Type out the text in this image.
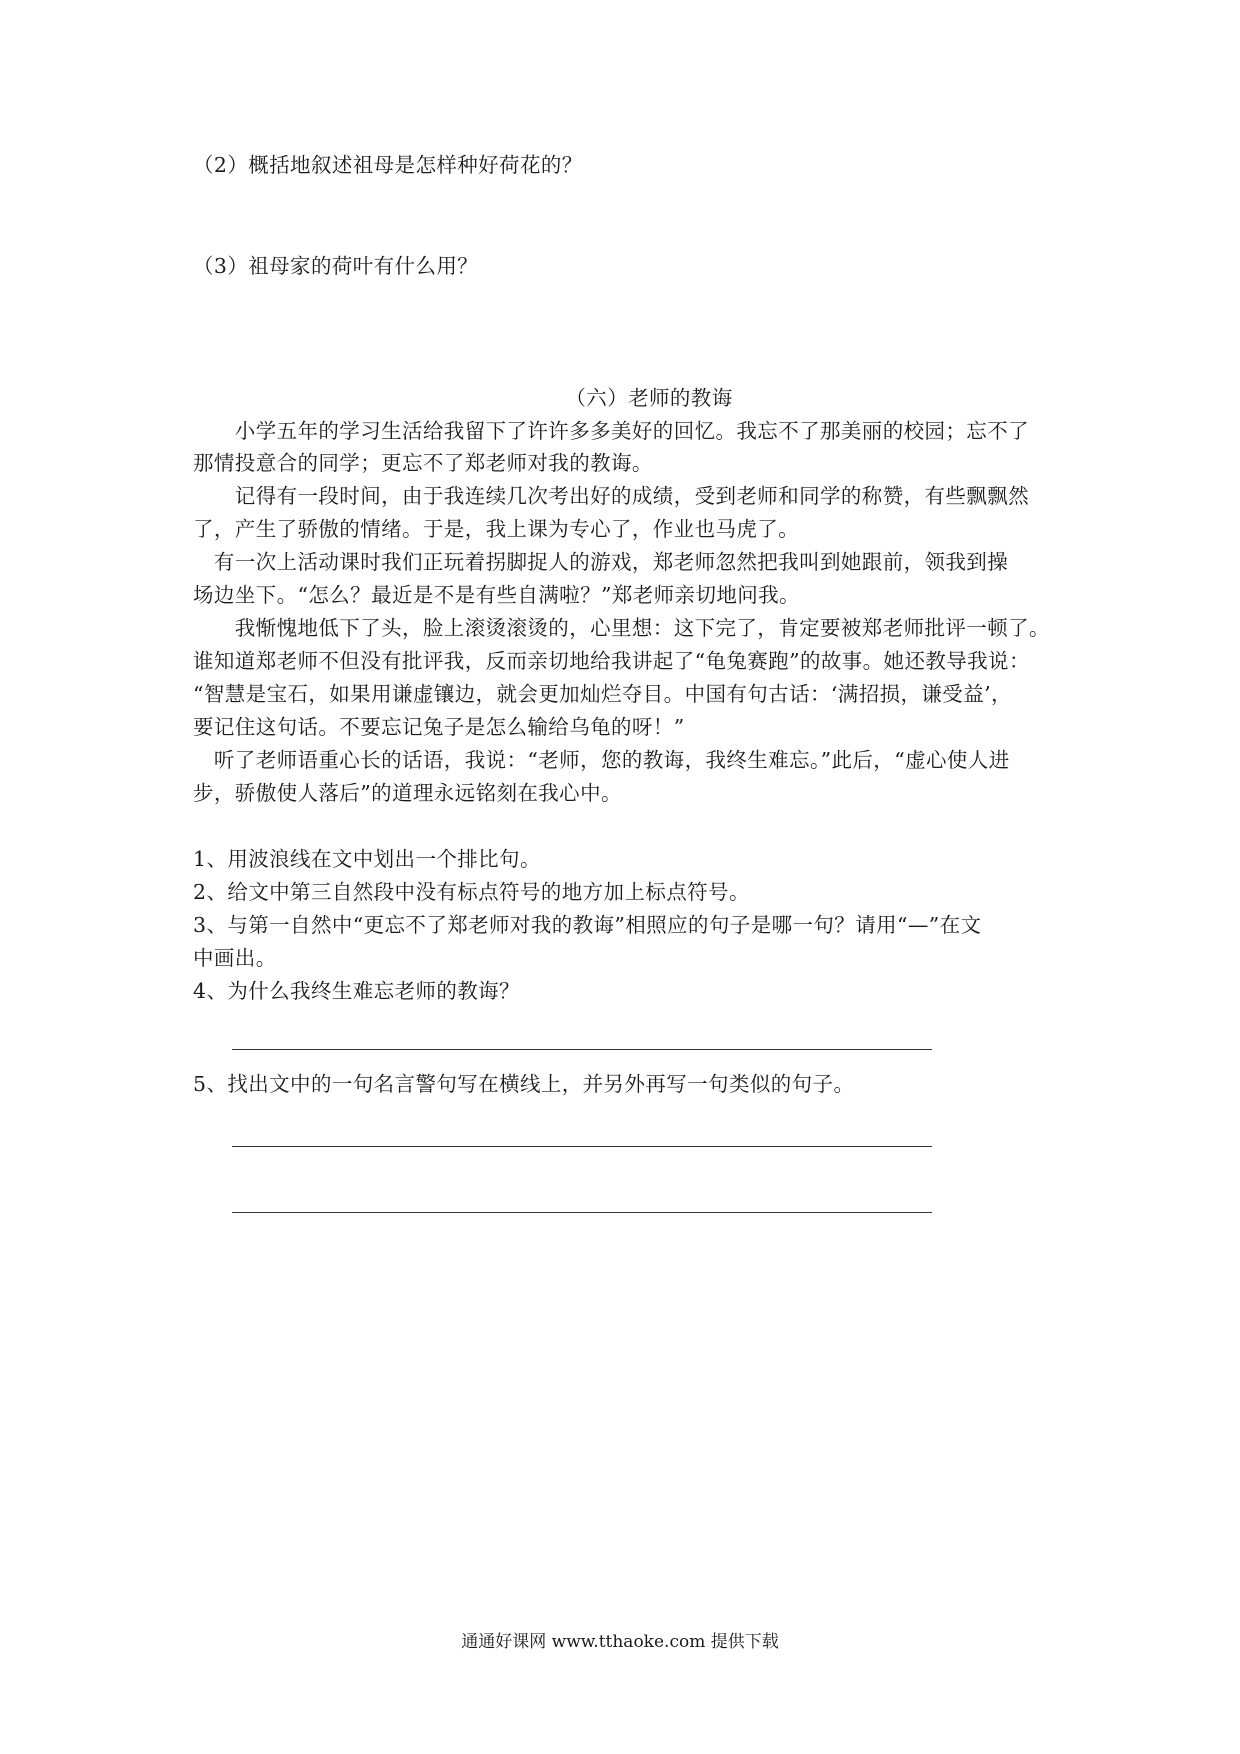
（2）概括地叙述祖母是怎样种好荷花的？
（3）祖母家的荷叶有什么用？
（六）老师的教诲
　　小学五年的学习生活给我留下了许许多多美好的回忆。我忘不了那美丽的校园；忘不了
那情投意合的同学；更忘不了郑老师对我的教诲。
　　记得有一段时间，由于我连续几次考出好的成绩，受到老师和同学的称赞，有些飘飘然
了，产生了骄傲的情绪。于是，我上课为专心了，作业也马虎了。
　有一次上活动课时我们正玩着拐脚捉人的游戏，郑老师忽然把我叫到她跟前，领我到操
场边坐下。“怎么？最近是不是有些自满啦？”郑老师亲切地问我。
　　我惭愧地低下了头，脸上滚烫滚烫的，心里想：这下完了，肯定要被郑老师批评一顿了。
谁知道郑老师不但没有批评我，反而亲切地给我讲起了“龟兔赛跑”的故事。她还教导我说：
“智慧是宝石，如果用谦虚镶边，就会更加灿烂夺目。中国有句古话：‘满招损，谦受益’，
要记住这句话。不要忘记兔子是怎么输给乌龟的呀！”
　听了老师语重心长的话语，我说：“老师，您的教诲，我终生难忘。”此后，“虚心使人进
步，骄傲使人落后”的道理永远铭刻在我心中。
1、用波浪线在文中划出一个排比句。
2、给文中第三自然段中没有标点符号的地方加上标点符号。
3、与第一自然中“更忘不了郑老师对我的教诲”相照应的句子是哪一句？请用“—”在文
中画出。
4、为什么我终生难忘老师的教诲？
5、找出文中的一句名言警句写在横线上，并另外再写一句类似的句子。
通通好课网 www.tthaoke.com 提供下载
